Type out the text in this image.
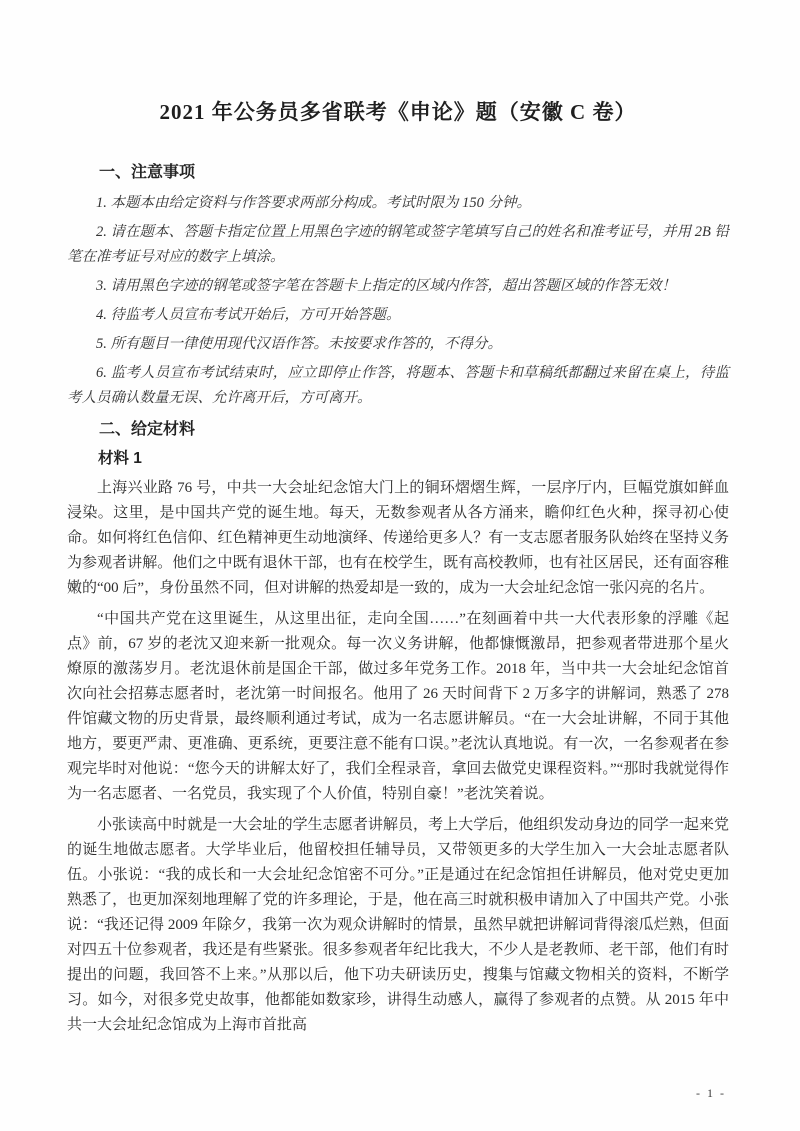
2021 年公务员多省联考《申论》题（安徽 C 卷）
一、注意事项

1. 本题本由给定资料与作答要求两部分构成。考试时限为 150 分钟。

2. 请在题本、答题卡指定位置上用黑色字迹的钢笔或签字笔填写自己的姓名和准考证号，并用 2B 铅笔在准考证号对应的数字上填涂。

3. 请用黑色字迹的钢笔或签字笔在答题卡上指定的区域内作答，超出答题区域的作答无效！

4. 待监考人员宣布考试开始后，方可开始答题。

5. 所有题目一律使用现代汉语作答。未按要求作答的，不得分。

6. 监考人员宣布考试结束时，应立即停止作答，将题本、答题卡和草稿纸都翻过来留在桌上，待监考人员确认数量无误、允许离开后，方可离开。

二、给定材料
材料 1

上海兴业路 76 号，中共一大会址纪念馆大门上的铜环熠熠生辉，一层序厅内，巨幅党旗如鲜血浸染。这里，是中国共产党的诞生地。每天，无数参观者从各方涌来，瞻仰红色火种，探寻初心使命。如何将红色信仰、红色精神更生动地演绎、传递给更多人？有一支志愿者服务队始终在坚持义务为参观者讲解。他们之中既有退休干部，也有在校学生，既有高校教师，也有社区居民，还有面容稚嫩的“00 后”，身份虽然不同，但对讲解的热爱却是一致的，成为一大会址纪念馆一张闪亮的名片。

“中国共产党在这里诞生，从这里出征，走向全国……”在刻画着中共一大代表形象的浮雕《起点》前，67 岁的老沈又迎来新一批观众。每一次义务讲解，他都慷慨激昂，把参观者带进那个星火燎原的激荡岁月。老沈退休前是国企干部，做过多年党务工作。2018 年，当中共一大会址纪念馆首次向社会招募志愿者时，老沈第一时间报名。他用了 26 天时间背下 2 万多字的讲解词，熟悉了 278 件馆藏文物的历史背景，最终顺利通过考试，成为一名志愿讲解员。“在一大会址讲解，不同于其他地方，要更严肃、更准确、更系统，更要注意不能有口误。”老沈认真地说。有一次，一名参观者在参观完毕时对他说：“您今天的讲解太好了，我们全程录音，拿回去做党史课程资料。”“那时我就觉得作为一名志愿者、一名党员，我实现了个人价值，特别自豪！”老沈笑着说。

小张读高中时就是一大会址的学生志愿者讲解员，考上大学后，他组织发动身边的同学一起来党的诞生地做志愿者。大学毕业后，他留校担任辅导员，又带领更多的大学生加入一大会址志愿者队伍。小张说：“我的成长和一大会址纪念馆密不可分。”正是通过在纪念馆担任讲解员，他对党史更加熟悉了，也更加深刻地理解了党的许多理论，于是，他在高三时就积极申请加入了中国共产党。小张说：“我还记得 2009 年除夕，我第一次为观众讲解时的情景，虽然早就把讲解词背得滚瓜烂熟，但面对四五十位参观者，我还是有些紧张。很多参观者年纪比我大，不少人是老教师、老干部，他们有时提出的问题，我回答不上来。”从那以后，他下功夫研读历史，搜集与馆藏文物相关的资料，不断学习。如今，对很多党史故事，他都能如数家珍，讲得生动感人，赢得了参观者的点赞。从 2015 年中共一大会址纪念馆成为上海市首批高

- 1 -
